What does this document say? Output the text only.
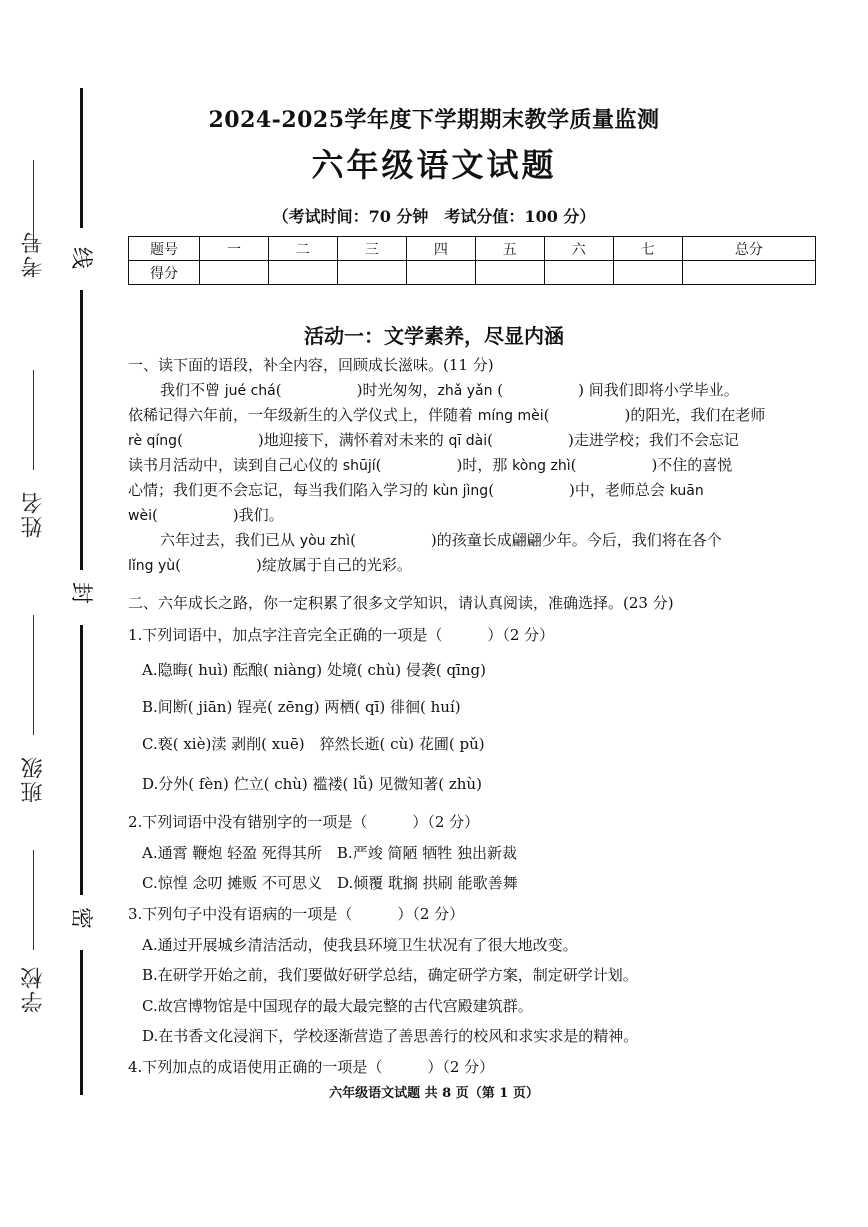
考号
姓名
班级
学校
线
封
密
2024-2025学年度下学期期末教学质量监测
六年级语文试题
（考试时间：70 分钟　考试分值：100 分）
题号	一	二	三	四	五	六	七	总分
得分								
活动一：文学素养，尽显内涵
一、读下面的语段，补全内容，回顾成长滋味。(11 分)
我们不曾 jué chá(　　　　　)时光匆匆，zhǎ yǎn (　　　　　) 间我们即将小学毕业。
依稀记得六年前，一年级新生的入学仪式上，伴随着 míng mèi(　　　　　)的阳光，我们在老师
rè qíng(　　　　　)地迎接下，满怀着对未来的 qī dài(　　　　　)走进学校；我们不会忘记
读书月活动中，读到自己心仪的 shūjí(　　　　　)时，那 kòng zhì(　　　　　)不住的喜悦
心情；我们更不会忘记，每当我们陷入学习的 kùn jìng(　　　　　)中，老师总会 kuān
wèi(　　　　　)我们。
六年过去，我们已从 yòu zhì(　　　　　)的孩童长成翩翩少年。今后，我们将在各个
lǐng yù(　　　　　)绽放属于自己的光彩。
二、六年成长之路，你一定积累了很多文学知识，请认真阅读，准确选择。(23 分)
1.下列词语中，加点字注音完全正确的一项是（　　　）（2 分）
A.隐晦( huì) 酝酿( niàng) 处境( chù) 侵袭( qīng)
B.间断( jiān) 锃亮( zēng) 两栖( qī) 徘徊( huí)
C.亵( xiè)渎 剥削( xuē)　猝然长逝( cù) 花圃( pǔ)
D.分外( fèn) 伫立( chù) 褴褛( lǚ) 见微知著( zhù)
2.下列词语中没有错别字的一项是（　　　）（2 分）
A.通霄 鞭炮 轻盈 死得其所　B.严竣 简陋 牺牲 独出新裁
C.惊惶 念叨 摊贩 不可思义　D.倾覆 耽搁 拱刷 能歌善舞
3.下列句子中没有语病的一项是（　　　）（2 分）
A.通过开展城乡清洁活动，使我县环境卫生状况有了很大地改变。
B.在研学开始之前，我们要做好研学总结，确定研学方案，制定研学计划。
C.故宫博物馆是中国现存的最大最完整的古代宫殿建筑群。
D.在书香文化浸润下，学校逐渐营造了善思善行的校风和求实求是的精神。
4.下列加点的成语使用正确的一项是（　　　）（2 分）
六年级语文试题 共 8 页（第 1 页）
